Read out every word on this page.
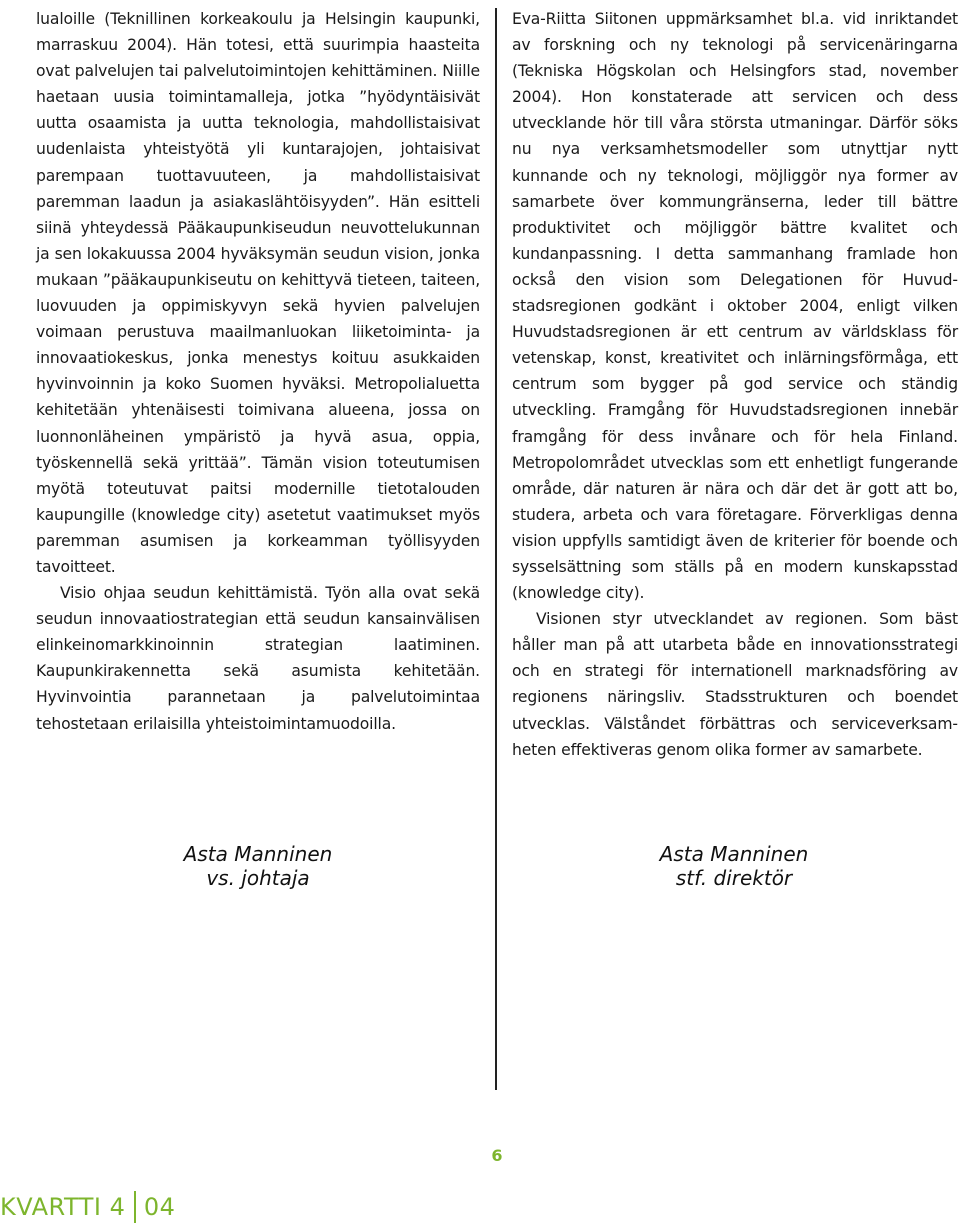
lualoille (Teknillinen korkeakoulu ja Helsingin kaupunki, marraskuu 2004). Hän totesi, että suurimpia haasteita ovat palvelujen tai palvelutoimintojen kehittäminen. Niille haetaan uusia toimintamalleja, jotka ”hyödyntäisivät uutta osaamista ja uutta teknologia, mahdollistaisivat uudenlaista yhteistyötä yli kuntarajojen, johtaisivat parempaan tuottavuuteen, ja mahdollistaisivat paremman laadun ja asiakaslähtöisyyden”. Hän esitteli siinä yhteydessä Pääkaupunkiseudun neuvottelukunnan ja sen lokakuussa 2004 hyväksymän seudun vision, jonka mukaan ”pääkaupunkiseutu on kehittyvä tieteen, taiteen, luovuuden ja oppimiskyvyn sekä hyvien palvelujen voimaan perustuva maailmanluokan liiketoiminta- ja innovaatiokeskus, jonka menestys koituu asukkaiden hyvinvoinnin ja koko Suomen hyväksi. Metropolialuetta kehitetään yhtenäisesti toimivana alueena, jossa on luonnonläheinen ympäristö ja hyvä asua, oppia, työskennellä sekä yrittää”. Tämän vision toteutumisen myötä toteutuvat paitsi modernille tietotalouden kaupungille (knowledge city) asetetut vaatimukset myös paremman asumisen ja korkeamman työllisyyden tavoitteet.

Visio ohjaa seudun kehittämistä. Työn alla ovat sekä seudun innovaatiostrategian että seudun kansainvälisen elinkeinomarkkinoinnin strategian laatiminen. Kaupunkirakennetta sekä asumista kehitetään. Hyvinvointia parannetaan ja palvelutoimintaa tehostetaan erilaisilla yhteistoimintamuodoilla.

Eva-Riitta Siitonen uppmärksamhet bl.a. vid inriktandet av forskning och ny teknologi på servicenäringarna (Tekniska Högskolan och Helsingfors stad, november 2004). Hon konstaterade att servicen och dess utvecklande hör till våra största utmaningar. Därför söks nu nya verksamhetsmodeller som utnyttjar nytt kunnande och ny teknologi, möjliggör nya former av samarbete över kommungränserna, leder till bättre produktivitet och möjliggör bättre kvalitet och kundanpassning. I detta sammanhang framlade hon också den vision som Delegationen för Huvudstadsregionen godkänt i oktober 2004, enligt vilken Huvudstadsregionen är ett centrum av världsklass för vetenskap, konst, kreativitet och inlärningsförmåga, ett centrum som bygger på god service och ständig utveckling. Framgång för Huvudstadsregionen innebär framgång för dess invånare och för hela Finland. Metropolområdet utvecklas som ett enhetligt fungerande område, där naturen är nära och där det är gott att bo, studera, arbeta och vara företagare. Förverkligas denna vision uppfylls samtidigt även de kriterier för boende och sysselsättning som ställs på en modern kunskapsstad (knowledge city).

Visionen styr utvecklandet av regionen. Som bäst håller man på att utarbeta både en innovationsstrategi och en strategi för internationell marknadsföring av regionens näringsliv. Stadsstrukturen och boendet utvecklas. Välståndet förbättras och serviceverksamheten effektiveras genom olika former av samarbete.

Asta Manninen
vs. johtaja
Asta Manninen
stf. direktör
6
KVARTTI 4 04
